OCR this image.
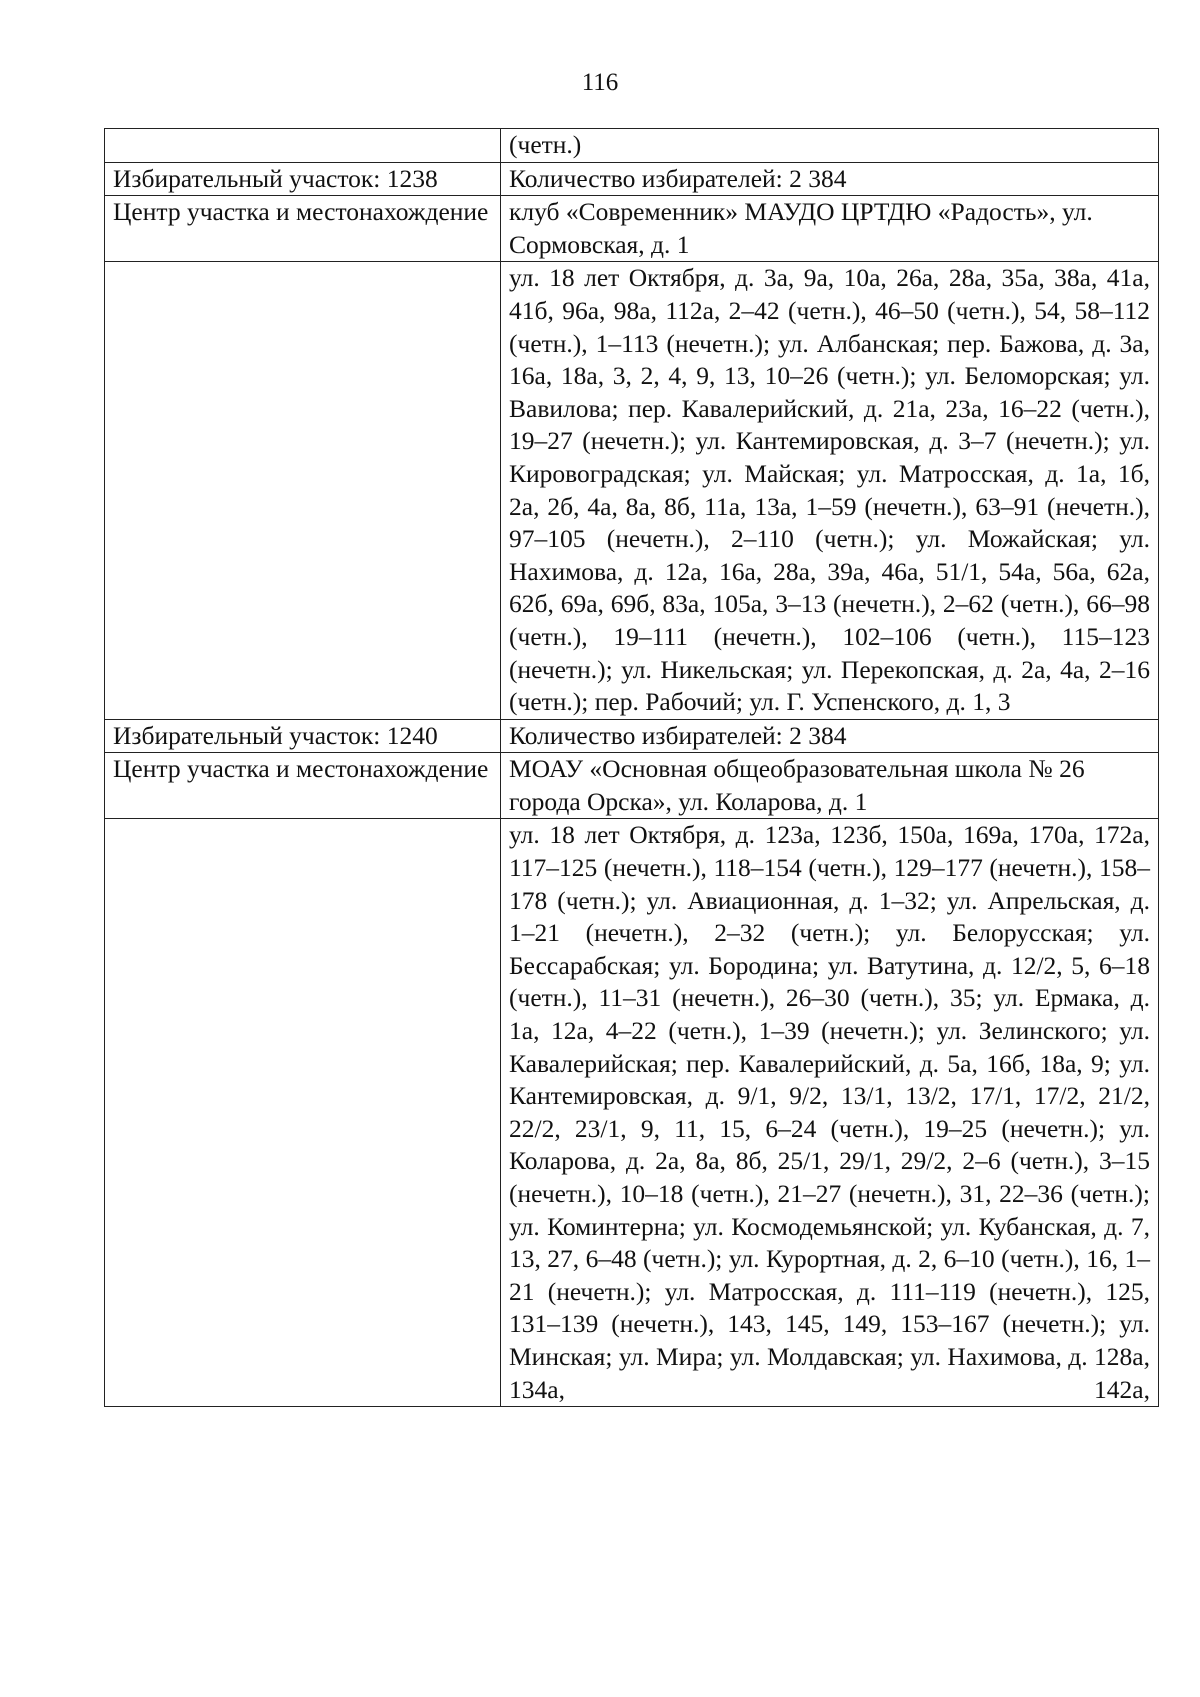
116
	(четн.)
Избирательный участок: 1238	Количество избирателей: 2 384
Центр участка и местонахождение	клуб «Современник» МАУДО ЦРТДЮ «Радость», ул. Сормовская, д. 1
	ул. 18 лет Октября, д. 3а, 9а, 10а, 26а, 28а, 35а, 38а, 41а, 41б, 96а, 98а, 112а, 2–42 (четн.), 46–50 (четн.), 54, 58–112 (четн.), 1–113 (нечетн.); ул. Албанская; пер. Бажова, д. 3а, 16а, 18а, 3, 2, 4, 9, 13, 10–26 (четн.); ул. Беломорская; ул. Вавилова; пер. Кавалерийский, д. 21а, 23а, 16–22 (четн.), 19–27 (нечетн.); ул. Кантемировская, д. 3–7 (нечетн.); ул. Кировоградская; ул. Майская; ул. Матросская, д. 1а, 1б, 2а, 2б, 4а, 8а, 8б, 11а, 13а, 1–59 (нечетн.), 63–91 (нечетн.), 97–105 (нечетн.), 2–110 (четн.); ул. Можайская; ул. Нахимова, д. 12а, 16а, 28а, 39а, 46а, 51/1, 54а, 56а, 62а, 62б, 69а, 69б, 83а, 105а, 3–13 (нечетн.), 2–62 (четн.), 66–98 (четн.), 19–111 (нечетн.), 102–106 (четн.), 115–123 (нечетн.); ул. Никельская; ул. Перекопская, д. 2а, 4а, 2–16 (четн.); пер. Рабочий; ул. Г. Успенского, д. 1, 3
Избирательный участок: 1240	Количество избирателей: 2 384
Центр участка и местонахождение	МОАУ «Основная общеобразовательная школа № 26 города Орска», ул. Коларова, д. 1
	ул. 18 лет Октября, д. 123а, 123б, 150а, 169а, 170а, 172а, 117–125 (нечетн.), 118–154 (четн.), 129–177 (нечетн.), 158–178 (четн.); ул. Авиационная, д. 1–32; ул. Апрельская, д. 1–21 (нечетн.), 2–32 (четн.); ул. Белорусская; ул. Бессарабская; ул. Бородина; ул. Ватутина, д. 12/2, 5, 6–18 (четн.), 11–31 (нечетн.), 26–30 (четн.), 35; ул. Ермака, д. 1а, 12а, 4–22 (четн.), 1–39 (нечетн.); ул. Зелинского; ул. Кавалерийская; пер. Кавалерийский, д. 5а, 16б, 18а, 9; ул. Кантемировская, д. 9/1, 9/2, 13/1, 13/2, 17/1, 17/2, 21/2, 22/2, 23/1, 9, 11, 15, 6–24 (четн.), 19–25 (нечетн.); ул. Коларова, д. 2а, 8а, 8б, 25/1, 29/1, 29/2, 2–6 (четн.), 3–15 (нечетн.), 10–18 (четн.), 21–27 (нечетн.), 31, 22–36 (четн.); ул. Коминтерна; ул. Космодемьянской; ул. Кубанская, д. 7, 13, 27, 6–48 (четн.); ул. Курортная, д. 2, 6–10 (четн.), 16, 1–21 (нечетн.); ул. Матросская, д. 111–119 (нечетн.), 125, 131–139 (нечетн.), 143, 145, 149, 153–167 (нечетн.); ул. Минская; ул. Мира; ул. Молдавская; ул. Нахимова, д. 128а, 134а, 142а,
